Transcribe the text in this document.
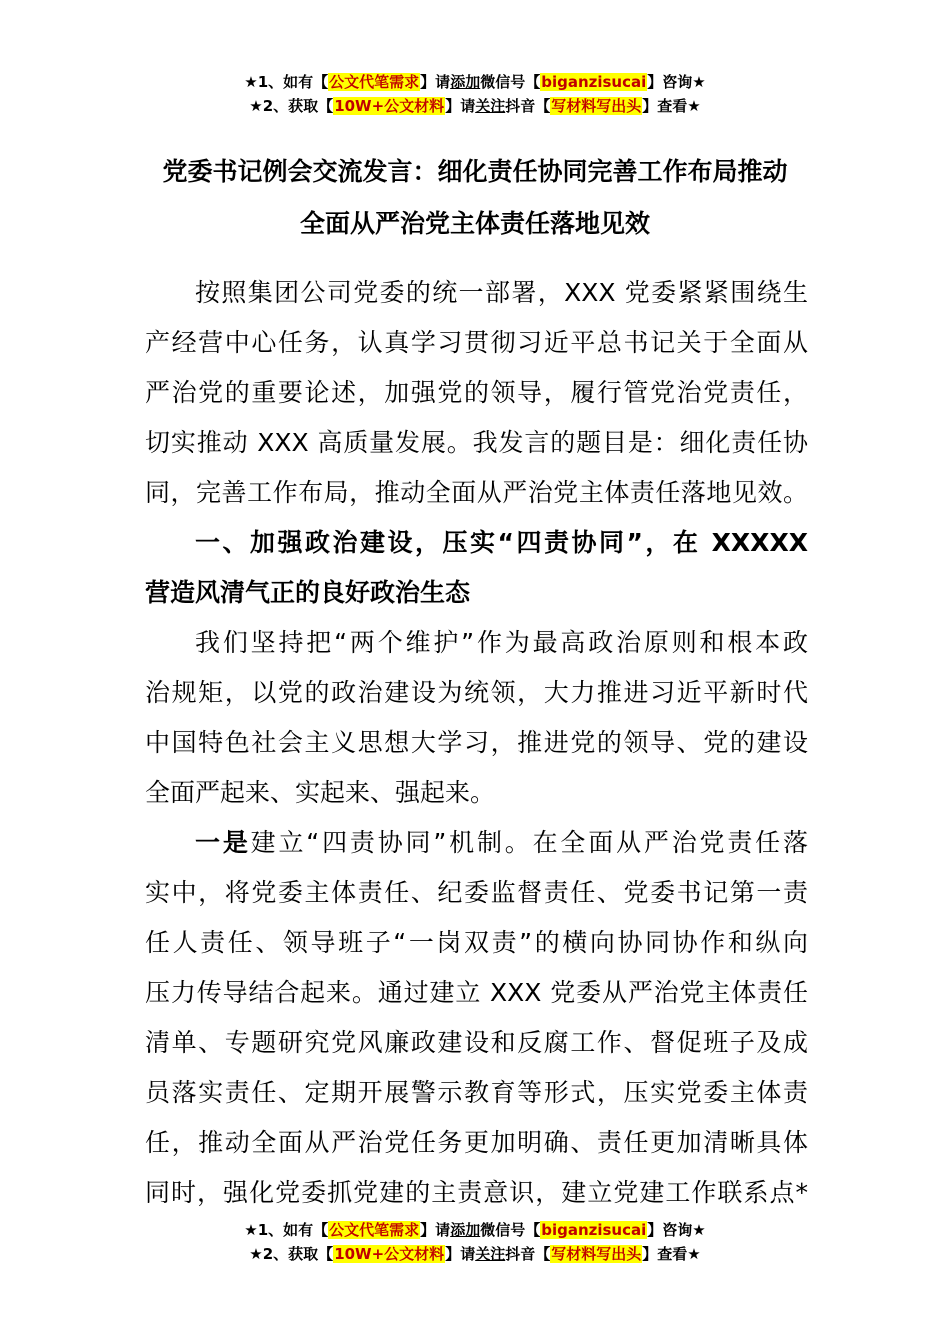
★1、如有【公文代笔需求】请添加微信号【biganzisucai】咨询★
★2、获取【10W+公文材料】请关注抖音【写材料写出头】查看★
党委书记例会交流发言：细化责任协同完善工作布局推动
全面从严治党主体责任落地见效
按照集团公司党委的统一部署，XXX 党委紧紧围绕生
产经营中心任务，认真学习贯彻习近平总书记关于全面从
严治党的重要论述，加强党的领导，履行管党治党责任，
切实推动 XXX 高质量发展。我发言的题目是：细化责任协
同，完善工作布局，推动全面从严治党主体责任落地见效。
一、加强政治建设，压实“四责协同”，在 XXXXX
营造风清气正的良好政治生态
我们坚持把“两个维护”作为最高政治原则和根本政
治规矩，以党的政治建设为统领，大力推进习近平新时代
中国特色社会主义思想大学习，推进党的领导、党的建设
全面严起来、实起来、强起来。
一是建立“四责协同”机制。在全面从严治党责任落
实中，将党委主体责任、纪委监督责任、党委书记第一责
任人责任、领导班子“一岗双责”的横向协同协作和纵向
压力传导结合起来。通过建立 XXX 党委从严治党主体责任
清单、专题研究党风廉政建设和反腐工作、督促班子及成
员落实责任、定期开展警示教育等形式，压实党委主体责
任，推动全面从严治党任务更加明确、责任更加清晰具体
同时，强化党委抓党建的主责意识，建立党建工作联系点*
★1、如有【公文代笔需求】请添加微信号【biganzisucai】咨询★
★2、获取【10W+公文材料】请关注抖音【写材料写出头】查看★
